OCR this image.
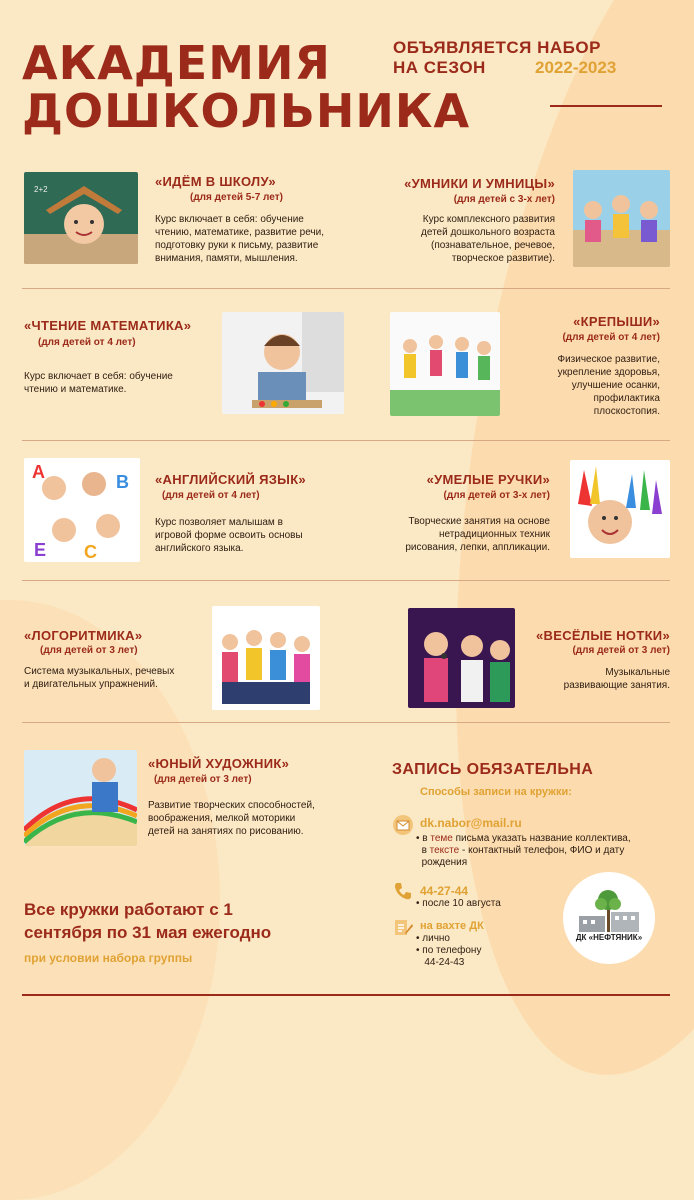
АКАДЕМИЯ
ДОШКОЛЬНИКА
ОБЪЯВЛЯЕТСЯ НАБОР
НА СЕЗОН	2022-2023
2+2
«ИДЁМ В ШКОЛУ»
(для детей 5-7 лет)
Курс включает в себя: обучение
чтению, математике, развитие речи,
подготовку руки к письму, развитие
внимания, памяти, мышления.
«УМНИКИ И УМНИЦЫ»
(для детей с 3-х лет)
Курс комплексного развития
детей дошкольного возраста
(познавательное, речевое,
творческое развитие).
«ЧТЕНИЕ МАТЕМАТИКА»
(для детей от 4 лет)
Курс включает в себя: обучение
чтению и математике.
«КРЕПЫШИ»
(для детей от 4 лет)
Физическое развитие,
укрепление здоровья,
улучшение осанки,
профилактика
плоскостопия.
A	B
C
E
«АНГЛИЙСКИЙ ЯЗЫК»
(для детей от 4 лет)
Курс позволяет малышам в
игровой форме освоить основы
английского языка.
«УМЕЛЫЕ РУЧКИ»
(для детей от 3-х лет)
Творческие занятия на основе
нетрадиционных техник
рисования, лепки, аппликации.
«ЛОГОРИТМИКА»
(для детей от 3 лет)
Система музыкальных, речевых
и двигательных упражнений.
«ВЕСЁЛЫЕ НОТКИ»
(для детей от 3 лет)
Музыкальные
развивающие занятия.
«ЮНЫЙ ХУДОЖНИК»
(для детей от 3 лет)
Развитие творческих способностей,
воображения, мелкой моторики
детей на занятиях по рисованию.
ЗАПИСЬ ОБЯЗАТЕЛЬНА
Способы записи на кружки:
dk.nabor@mail.ru
• в теме письма указать название коллектива,
в тексте - контактный телефон, ФИО и дату
рождения
44-27-44
• после 10 августа
на вахте ДК
• лично
• по телефону
44-24-43
ДК «НЕФТЯНИК»
Все кружки работают с 1
сентября по 31 мая ежегодно
при условии набора группы
